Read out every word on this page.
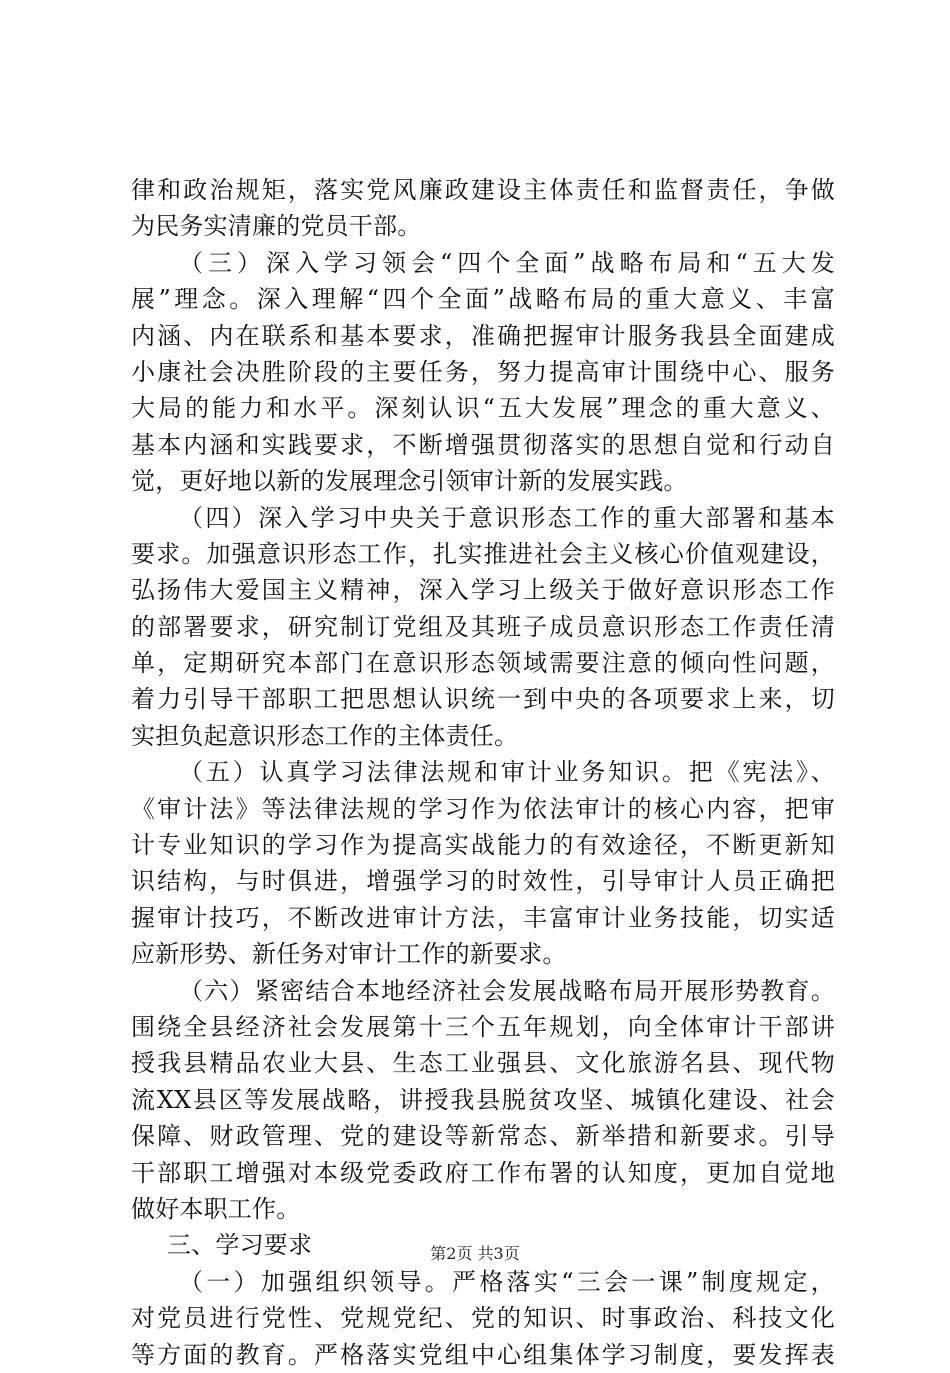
律和政治规矩，落实党风廉政建设主体责任和监督责任，争做
为民务实清廉的党员干部。
（三）深入学习领会“四个全面”战略布局和“五大发
展”理念。深入理解“四个全面”战略布局的重大意义、丰富
内涵、内在联系和基本要求，准确把握审计服务我县全面建成
小康社会决胜阶段的主要任务，努力提高审计围绕中心、服务
大局的能力和水平。深刻认识“五大发展”理念的重大意义、
基本内涵和实践要求，不断增强贯彻落实的思想自觉和行动自
觉，更好地以新的发展理念引领审计新的发展实践。
（四）深入学习中央关于意识形态工作的重大部署和基本
要求。加强意识形态工作，扎实推进社会主义核心价值观建设，
弘扬伟大爱国主义精神，深入学习上级关于做好意识形态工作
的部署要求，研究制订党组及其班子成员意识形态工作责任清
单，定期研究本部门在意识形态领域需要注意的倾向性问题，
着力引导干部职工把思想认识统一到中央的各项要求上来，切
实担负起意识形态工作的主体责任。
（五）认真学习法律法规和审计业务知识。把《宪法》、
《审计法》等法律法规的学习作为依法审计的核心内容，把审
计专业知识的学习作为提高实战能力的有效途径，不断更新知
识结构，与时俱进，增强学习的时效性，引导审计人员正确把
握审计技巧，不断改进审计方法，丰富审计业务技能，切实适
应新形势、新任务对审计工作的新要求。
（六）紧密结合本地经济社会发展战略布局开展形势教育。
围绕全县经济社会发展第十三个五年规划，向全体审计干部讲
授我县精品农业大县、生态工业强县、文化旅游名县、现代物
流XX县区等发展战略，讲授我县脱贫攻坚、城镇化建设、社会
保障、财政管理、党的建设等新常态、新举措和新要求。引导
干部职工增强对本级党委政府工作布署的认知度，更加自觉地
做好本职工作。
三、学习要求
（一）加强组织领导。严格落实“三会一课”制度规定，
对党员进行党性、党规党纪、党的知识、时事政治、科技文化
等方面的教育。严格落实党组中心组集体学习制度，要发挥表
第2页 共3页
